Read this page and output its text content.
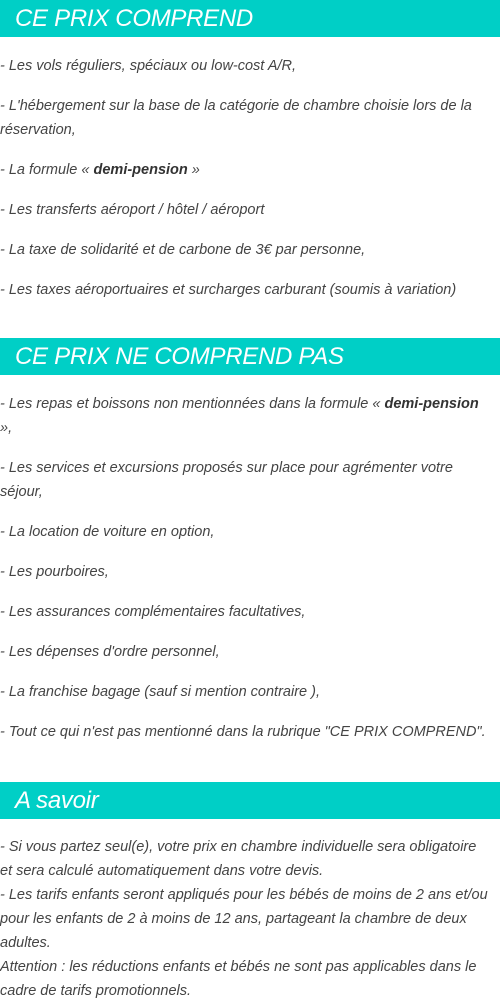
CE PRIX COMPREND

- Les vols réguliers, spéciaux ou low-cost A/R,

- L'hébergement sur la base de la catégorie de chambre choisie lors de la réservation,

- La formule « demi-pension »

- Les transferts aéroport / hôtel / aéroport

- La taxe de solidarité et de carbone de 3€ par personne,

- Les taxes aéroportuaires et surcharges carburant (soumis à variation)

CE PRIX NE COMPREND PAS

- Les repas et boissons non mentionnées dans la formule « demi-pension »,

- Les services et excursions proposés sur place pour agrémenter votre séjour,

- La location de voiture en option,

- Les pourboires,

- Les assurances complémentaires facultatives,

- Les dépenses d'ordre personnel,

- La franchise bagage (sauf si mention contraire ),

- Tout ce qui n'est pas mentionné dans la rubrique "CE PRIX COMPREND".

A savoir

- Si vous partez seul(e), votre prix en chambre individuelle sera obligatoire et sera calculé automatiquement dans votre devis.

- Les tarifs enfants seront appliqués pour les bébés de moins de 2 ans et/ou pour les enfants de 2 à moins de 12 ans, partageant la chambre de deux adultes.

Attention : les réductions enfants et bébés ne sont pas applicables dans le cadre de tarifs promotionnels.
